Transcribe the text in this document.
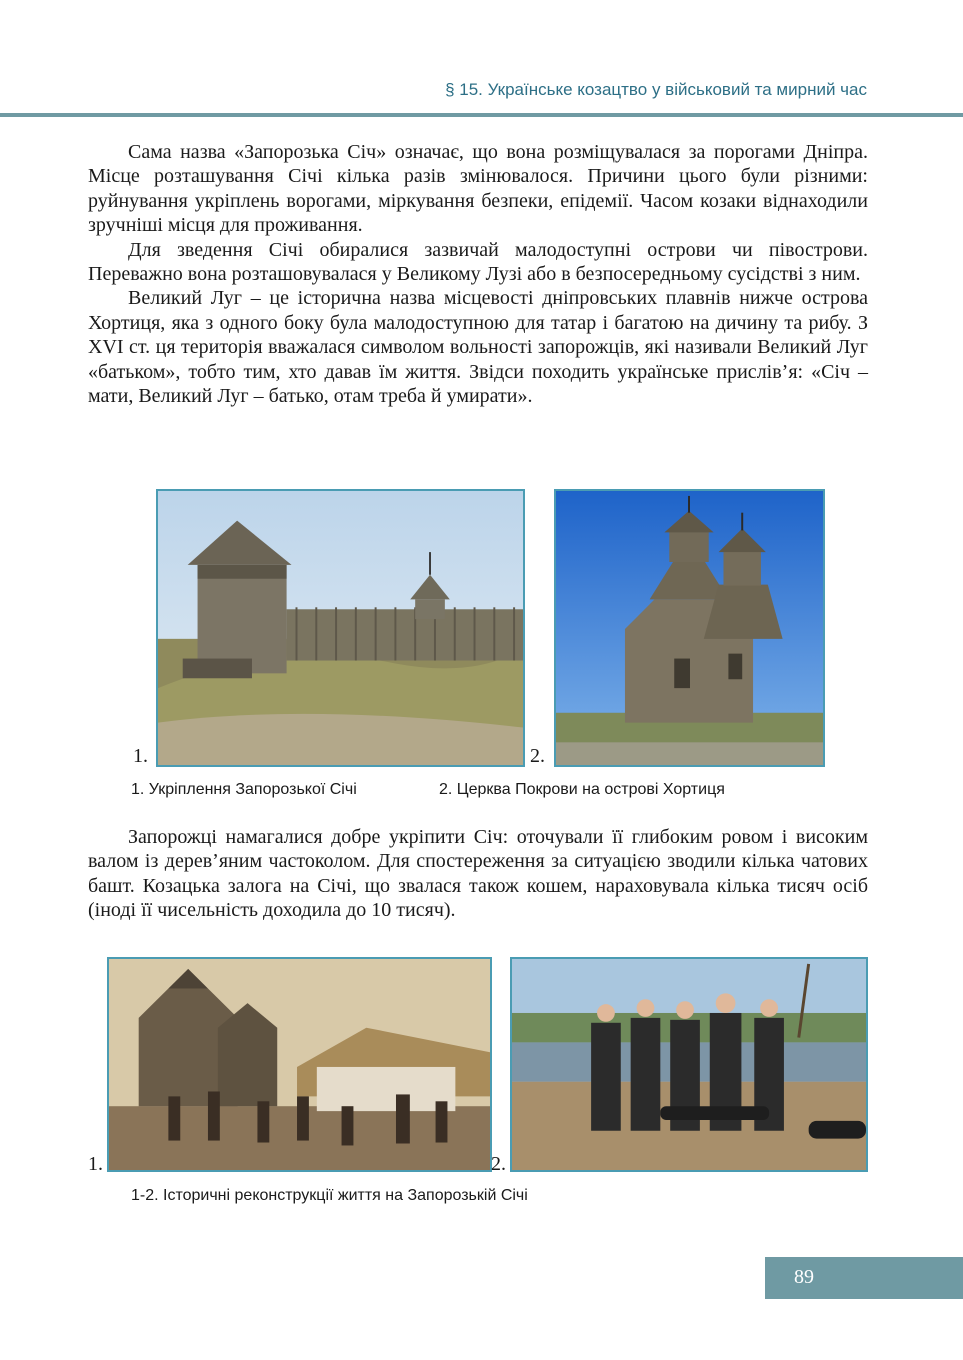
§ 15. Українське козацтво у військовий та мирний час

Сама назва «Запорозька Січ» означає, що вона розміщувалася за порогами Дніпра. Місце розташування Січі кілька разів змінювалося. Причини цього були різними: руйнування укріплень ворогами, міркування безпеки, епідемії. Часом козаки віднаходили зручніші місця для проживання.

Для зведення Січі обиралися зазвичай малодоступні острови чи півострови. Переважно вона розташовувалася у Великому Лузі або в безпосередньому сусідстві з ним.

Великий Луг – це історична назва місцевості дніпровських плавнів нижче острова Хортиця, яка з одного боку була малодоступною для татар і багатою на дичину та рибу. З XVI ст. ця територія вважалася символом вольності запорожців, які називали Великий Луг «батьком», тобто тим, хто давав їм життя. Звідси походить українське прислів’я: «Січ – мати, Великий Луг – батько, отам треба й умирати».

1.	2.
1. Укріплення Запорозької Січі	2. Церква Покрови на острові Хортиця

Запорожці намагалися добре укріпити Січ: оточували її глибоким ровом і високим валом із дерев’яним частоколом. Для спостереження за ситуацією зводили кілька чатових башт. Козацька залога на Січі, що звалася також кошем, нараховувала кілька тисяч осіб (іноді її чисельність доходила до 10 тисяч).

1.	2.
1-2. Історичні реконструкції життя на Запорозькій Січі
89
